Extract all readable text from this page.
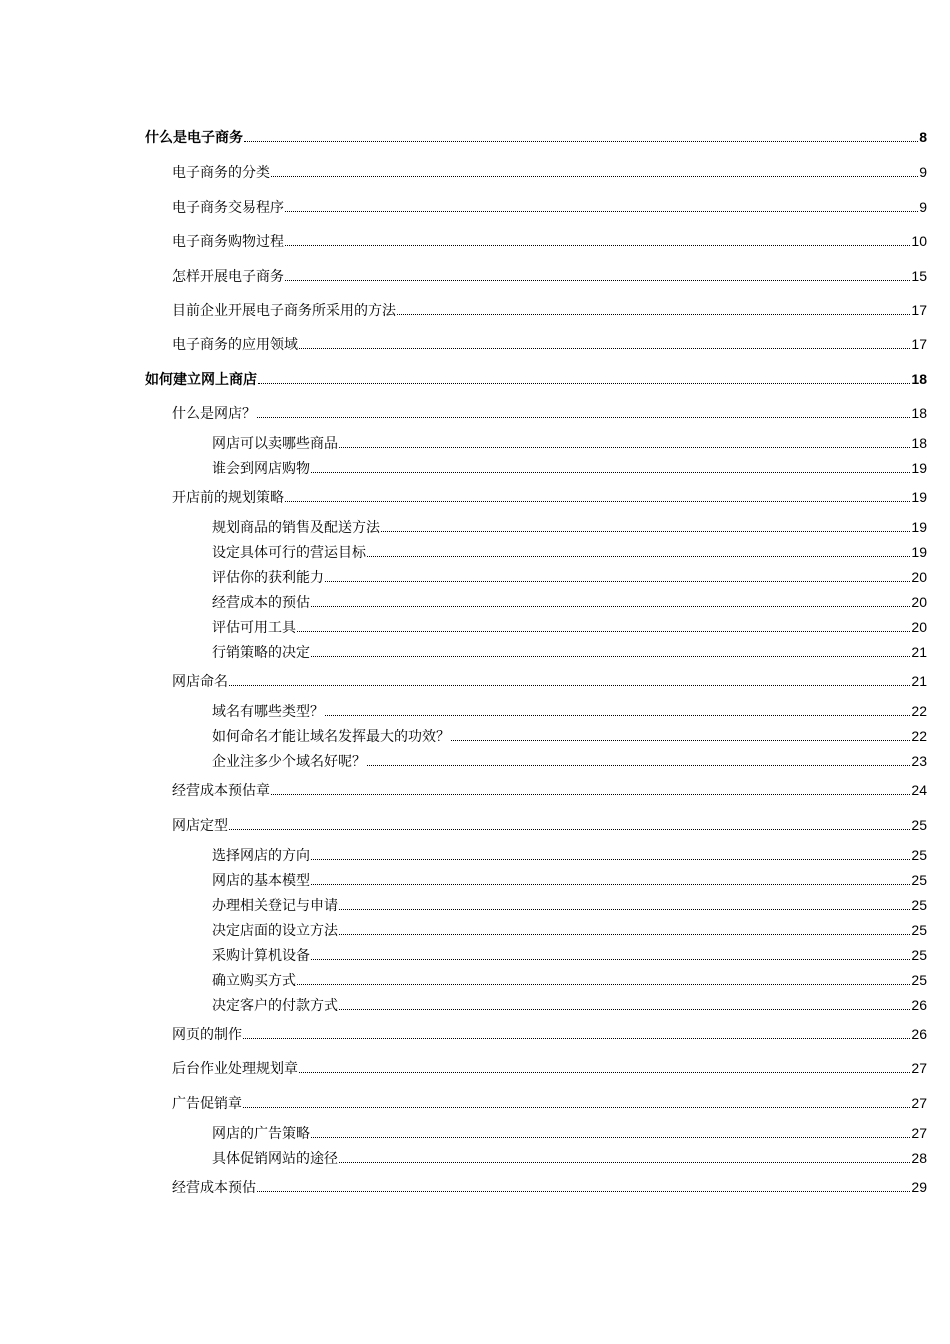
什么是电子商务	8
电子商务的分类	9
电子商务交易程序	9
电子商务购物过程	10
怎样开展电子商务	15
目前企业开展电子商务所采用的方法	17
电子商务的应用领域	17
如何建立网上商店	18
什么是网店？	18
网店可以卖哪些商品	18
谁会到网店购物	19
开店前的规划策略	19
规划商品的销售及配送方法	19
设定具体可行的营运目标	19
评估你的获利能力	20
经营成本的预估	20
评估可用工具	20
行销策略的决定	21
网店命名	21
域名有哪些类型？	22
如何命名才能让域名发挥最大的功效？	22
企业注多少个域名好呢？	23
经营成本预估章	24
网店定型	25
选择网店的方向	25
网店的基本模型	25
办理相关登记与申请	25
决定店面的设立方法	25
采购计算机设备	25
确立购买方式	25
决定客户的付款方式	26
网页的制作	26
后台作业处理规划章	27
广告促销章	27
网店的广告策略	27
具体促销网站的途径	28
经营成本预估	29
